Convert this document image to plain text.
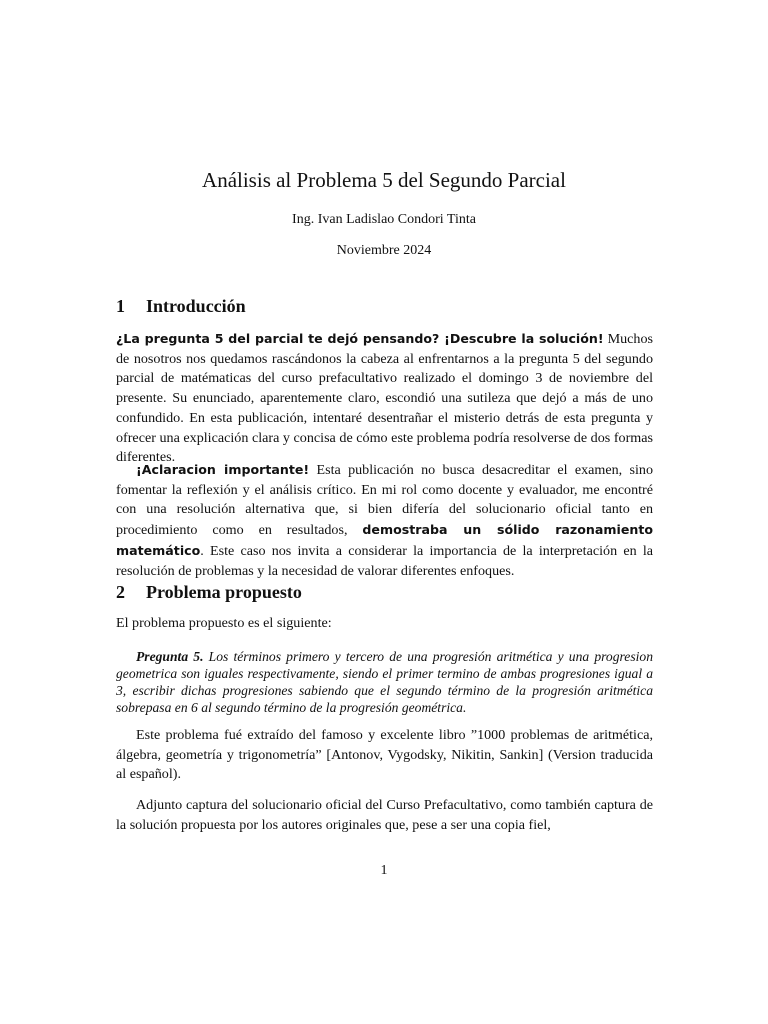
Análisis al Problema 5 del Segundo Parcial
Ing. Ivan Ladislao Condori Tinta
Noviembre 2024
1 Introducción
¿La pregunta 5 del parcial te dejó pensando? ¡Descubre la solución! Muchos de nosotros nos quedamos rascándonos la cabeza al enfrentarnos a la pregunta 5 del segundo parcial de matématicas del curso prefacultativo realizado el domingo 3 de noviembre del presente. Su enunciado, aparentemente claro, escondió una sutileza que dejó a más de uno confundido. En esta publicación, intentaré desentrañar el misterio detrás de esta pregunta y ofrecer una explicación clara y concisa de cómo este problema podría resolverse de dos formas diferentes.
¡Aclaracion importante! Esta publicación no busca desacreditar el examen, sino fomentar la reflexión y el análisis crítico. En mi rol como docente y evaluador, me encontré con una resolución alternativa que, si bien difería del solucionario oficial tanto en procedimiento como en resultados, demostraba un sólido razonamiento matemático. Este caso nos invita a considerar la importancia de la interpretación en la resolución de problemas y la necesidad de valorar diferentes enfoques.
2 Problema propuesto
El problema propuesto es el siguiente:
Pregunta 5. Los términos primero y tercero de una progresión aritmética y una progresion geometrica son iguales respectivamente, siendo el primer termino de ambas progresiones igual a 3, escribir dichas progresiones sabiendo que el segundo término de la progresión aritmética sobrepasa en 6 al segundo término de la progresión geométrica.
Este problema fué extraído del famoso y excelente libro ”1000 problemas de aritmética, álgebra, geometría y trigonometría” [Antonov, Vygodsky, Nikitin, Sankin] (Version traducida al español).
Adjunto captura del solucionario oficial del Curso Prefacultativo, como también captura de la solución propuesta por los autores originales que, pese a ser una copia fiel,
1
